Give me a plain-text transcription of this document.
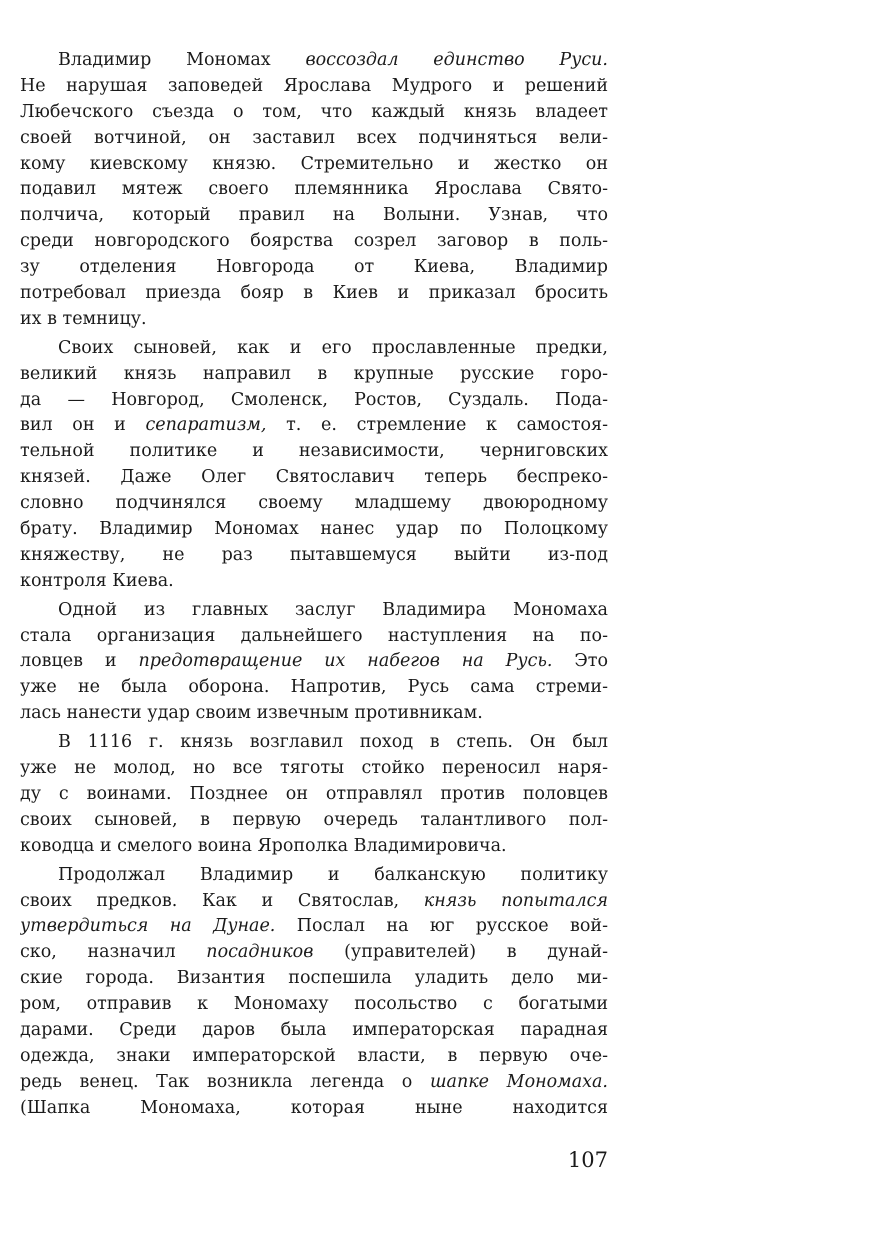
Владимир Мономах воссоздал единство Руси.
Не нарушая заповедей Ярослава Мудрого и решений
Любечского съезда о том, что каждый князь владеет
своей вотчиной, он заставил всех подчиняться вели-
кому киевскому князю. Стремительно и жестко он
подавил мятеж своего племянника Ярослава Свято-
полчича, который правил на Волыни. Узнав, что
среди новгородского боярства созрел заговор в поль-
зу отделения Новгорода от Киева, Владимир
потребовал приезда бояр в Киев и приказал бросить
их в темницу.
Своих сыновей, как и его прославленные предки,
великий князь направил в крупные русские горо-
да — Новгород, Смоленск, Ростов, Суздаль. Пода-
вил он и сепаратизм, т. е. стремление к самостоя-
тельной политике и независимости, черниговских
князей. Даже Олег Святославич теперь беспреко-
словно подчинялся своему младшему двоюродному
брату. Владимир Мономах нанес удар по Полоцкому
княжеству, не раз пытавшемуся выйти из-под
контроля Киева.
Одной из главных заслуг Владимира Мономаха
стала организация дальнейшего наступления на по-
ловцев и предотвращение их набегов на Русь. Это
уже не была оборона. Напротив, Русь сама стреми-
лась нанести удар своим извечным противникам.
В 1116 г. князь возглавил поход в степь. Он был
уже не молод, но все тяготы стойко переносил наря-
ду с воинами. Позднее он отправлял против половцев
своих сыновей, в первую очередь талантливого пол-
ководца и смелого воина Ярополка Владимировича.
Продолжал Владимир и балканскую политику
своих предков. Как и Святослав, князь попытался
утвердиться на Дунае. Послал на юг русское вой-
ско, назначил посадников (управителей) в дунай-
ские города. Византия поспешила уладить дело ми-
ром, отправив к Мономаху посольство с богатыми
дарами. Среди даров была императорская парадная
одежда, знаки императорской власти, в первую оче-
редь венец. Так возникла легенда о шапке Мономаха.
(Шапка Мономаха, которая ныне находится
107
